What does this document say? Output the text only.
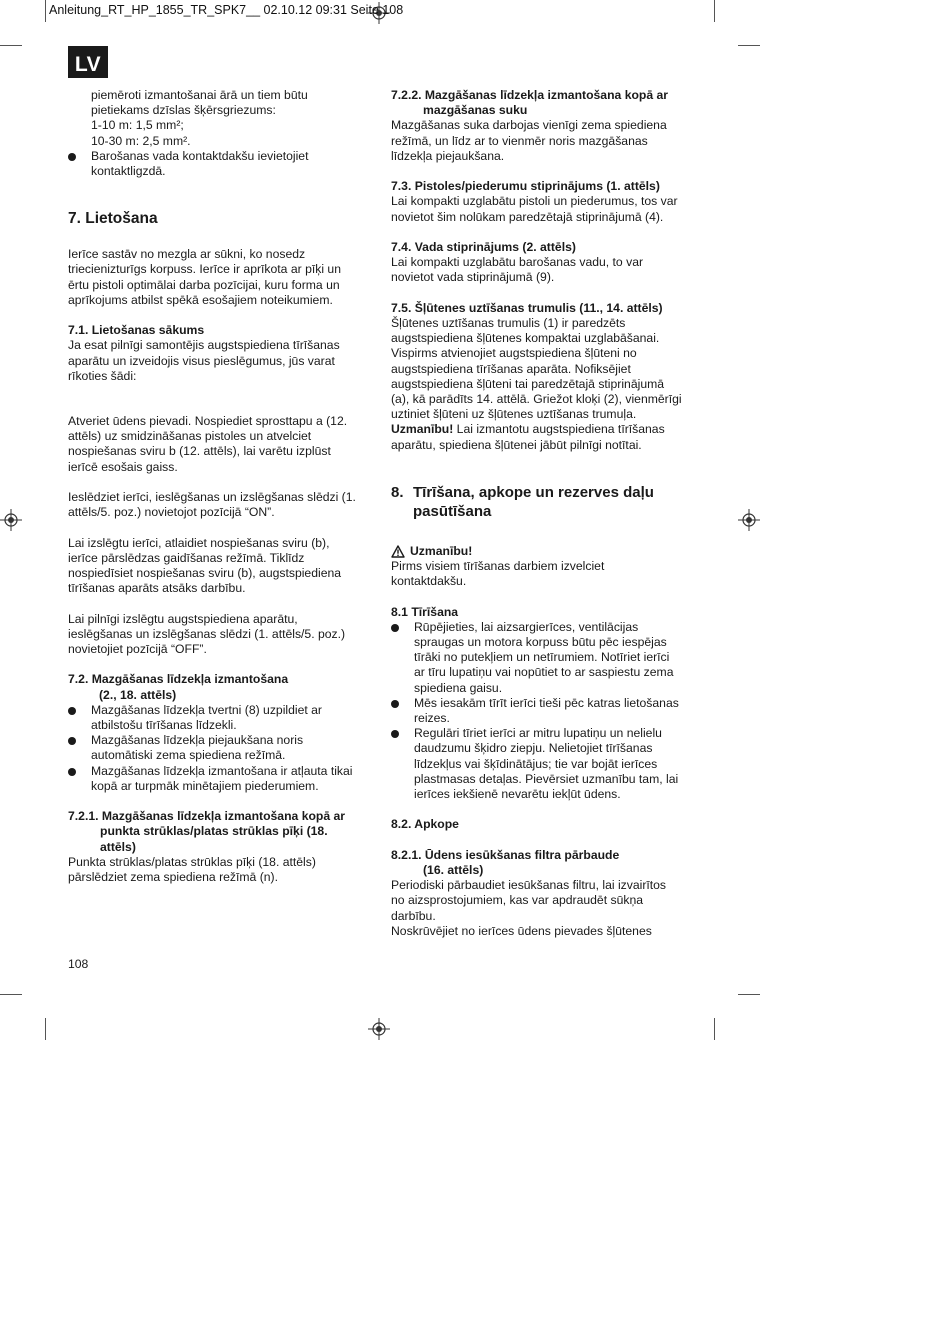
Anleitung_RT_HP_1855_TR_SPK7__ 02.10.12 09:31 Seite 108
LV

piemēroti izmantošanai ārā un tiem būtu

pietiekams dzīslas šķērsgriezums:

1-10 m: 1,5 mm²;

10-30 m: 2,5 mm².

Barošanas vada kontaktdakšu ievietojiet

kontaktligzdā.

7. Lietošana

Ierīce sastāv no mezgla ar sūkni, ko nosedz

triecienizturīgs korpuss. Ierīce ir aprīkota ar pīķi un

ērtu pistoli optimālai darba pozīcijai, kuru forma un

aprīkojums atbilst spēkā esošajiem noteikumiem.

7.1. Lietošanas sākums

Ja esat pilnīgi samontējis augstspiediena tīrīšanas

aparātu un izveidojis visus pieslēgumus, jūs varat

rīkoties šādi:

Atveriet ūdens pievadi. Nospiediet sprosttapu a (12.

attēls) uz smidzināšanas pistoles un atvelciet

nospiešanas sviru b (12. attēls), lai varētu izplūst

ierīcē esošais gaiss.

Ieslēdziet ierīci, ieslēgšanas un izslēgšanas slēdzi (1.

attēls/5. poz.) novietojot pozīcijā “ON”.

Lai izslēgtu ierīci, atlaidiet nospiešanas sviru (b),

ierīce pārslēdzas gaidīšanas režīmā. Tiklīdz

nospiedīsiet nospiešanas sviru (b), augstspiediena

tīrīšanas aparāts atsāks darbību.

Lai pilnīgi izslēgtu augstspiediena aparātu,

ieslēgšanas un izslēgšanas slēdzi (1. attēls/5. poz.)

novietojiet pozīcijā “OFF”.

7.2. Mazgāšanas līdzekļa izmantošana

(2., 18. attēls)

Mazgāšanas līdzekļa tvertni (8) uzpildiet ar

atbilstošu tīrīšanas līdzekli.

Mazgāšanas līdzekļa piejaukšana noris

automātiski zema spiediena režīmā.

Mazgāšanas līdzekļa izmantošana ir atļauta tikai

kopā ar turpmāk minētajiem piederumiem.

7.2.1. Mazgāšanas līdzekļa izmantošana kopā ar

punkta strūklas/platas strūklas pīķi (18.

attēls)

Punkta strūklas/platas strūklas pīķi (18. attēls)

pārslēdziet zema spiediena režīmā (n).

7.2.2. Mazgāšanas līdzekļa izmantošana kopā ar

mazgāšanas suku

Mazgāšanas suka darbojas vienīgi zema spiediena

režīmā, un līdz ar to vienmēr noris mazgāšanas

līdzekļa piejaukšana.

7.3. Pistoles/piederumu stiprinājums (1. attēls)

Lai kompakti uzglabātu pistoli un piederumus, tos var

novietot šim nolūkam paredzētajā stiprinājumā (4).

7.4. Vada stiprinājums (2. attēls)

Lai kompakti uzglabātu barošanas vadu, to var

novietot vada stiprinājumā (9).

7.5. Šļūtenes uztīšanas trumulis (11., 14. attēls)

Šļūtenes uztīšanas trumulis (1) ir paredzēts

augstspiediena šļūtenes kompaktai uzglabāšanai.

Vispirms atvienojiet augstspiediena šļūteni no

augstspiediena tīrīšanas aparāta. Nofiksējiet

augstspiediena šļūteni tai paredzētajā stiprinājumā

(a), kā parādīts 14. attēlā. Griežot kloķi (2), vienmērīgi

uztiniet šļūteni uz šļūtenes uztīšanas trumuļa.

Uzmanību! Lai izmantotu augstspiediena tīrīšanas

aparātu, spiediena šļūtenei jābūt pilnīgi notītai.

8. Tīrīšana, apkope un rezerves daļu
pasūtīšana
Uzmanību!

Pirms visiem tīrīšanas darbiem izvelciet

kontaktdakšu.

8.1 Tīrīšana

Rūpējieties, lai aizsargierīces, ventilācijas

spraugas un motora korpuss būtu pēc iespējas

tīrāki no putekļiem un netīrumiem. Notīriet ierīci

ar tīru lupatiņu vai nopūtiet to ar saspiestu zema

spiediena gaisu.

Mēs iesakām tīrīt ierīci tieši pēc katras lietošanas

reizes.

Regulāri tīriet ierīci ar mitru lupatiņu un nelielu

daudzumu šķidro ziepju. Nelietojiet tīrīšanas

līdzekļus vai šķīdinātājus; tie var bojāt ierīces

plastmasas detaļas. Pievērsiet uzmanību tam, lai

ierīces iekšienē nevarētu iekļūt ūdens.

8.2. Apkope

8.2.1. Ūdens iesūkšanas filtra pārbaude

(16. attēls)

Periodiski pārbaudiet iesūkšanas filtru, lai izvairītos

no aizsprostojumiem, kas var apdraudēt sūkņa

darbību.

Noskrūvējiet no ierīces ūdens pievades šļūtenes

108
